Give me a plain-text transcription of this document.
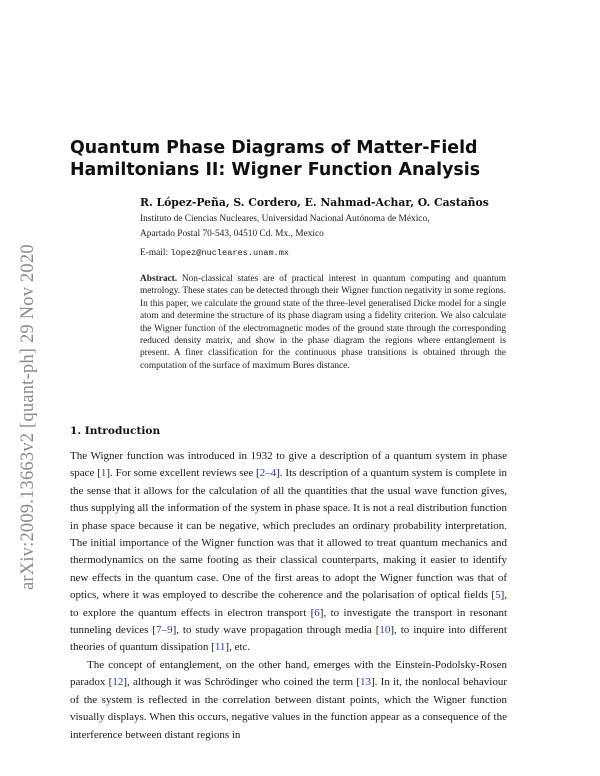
arXiv:2009.13663v2 [quant-ph] 29 Nov 2020
Quantum Phase Diagrams of Matter-Field Hamiltonians II: Wigner Function Analysis
R. López-Peña, S. Cordero, E. Nahmad-Achar, O. Castaños
Instituto de Ciencias Nucleares, Universidad Nacional Autónoma de México,
Apartado Postal 70-543, 04510 Cd. Mx., Mexico
E-mail: lopez@nucleares.unam.mx
Abstract. Non-classical states are of practical interest in quantum computing and quantum metrology. These states can be detected through their Wigner function negativity in some regions. In this paper, we calculate the ground state of the three-level generalised Dicke model for a single atom and determine the structure of its phase diagram using a fidelity criterion. We also calculate the Wigner function of the electromagnetic modes of the ground state through the corresponding reduced density matrix, and show in the phase diagram the regions where entanglement is present. A finer classification for the continuous phase transitions is obtained through the computation of the surface of maximum Bures distance.
1. Introduction

The Wigner function was introduced in 1932 to give a description of a quantum system in phase space [1]. For some excellent reviews see [2–4]. Its description of a quantum system is complete in the sense that it allows for the calculation of all the quantities that the usual wave function gives, thus supplying all the information of the system in phase space. It is not a real distribution function in phase space because it can be negative, which precludes an ordinary probability interpretation. The initial importance of the Wigner function was that it allowed to treat quantum mechanics and thermodynamics on the same footing as their classical counterparts, making it easier to identify new effects in the quantum case. One of the first areas to adopt the Wigner function was that of optics, where it was employed to describe the coherence and the polarisation of optical fields [5], to explore the quantum effects in electron transport [6], to investigate the transport in resonant tunneling devices [7–9], to study wave propagation through media [10], to inquire into different theories of quantum dissipation [11], etc.

The concept of entanglement, on the other hand, emerges with the Einstein-Podolsky-Rosen paradox [12], although it was Schrödinger who coined the term [13]. In it, the nonlocal behaviour of the system is reflected in the correlation between distant points, which the Wigner function visually displays. When this occurs, negative values in the function appear as a consequence of the interference between distant regions in
